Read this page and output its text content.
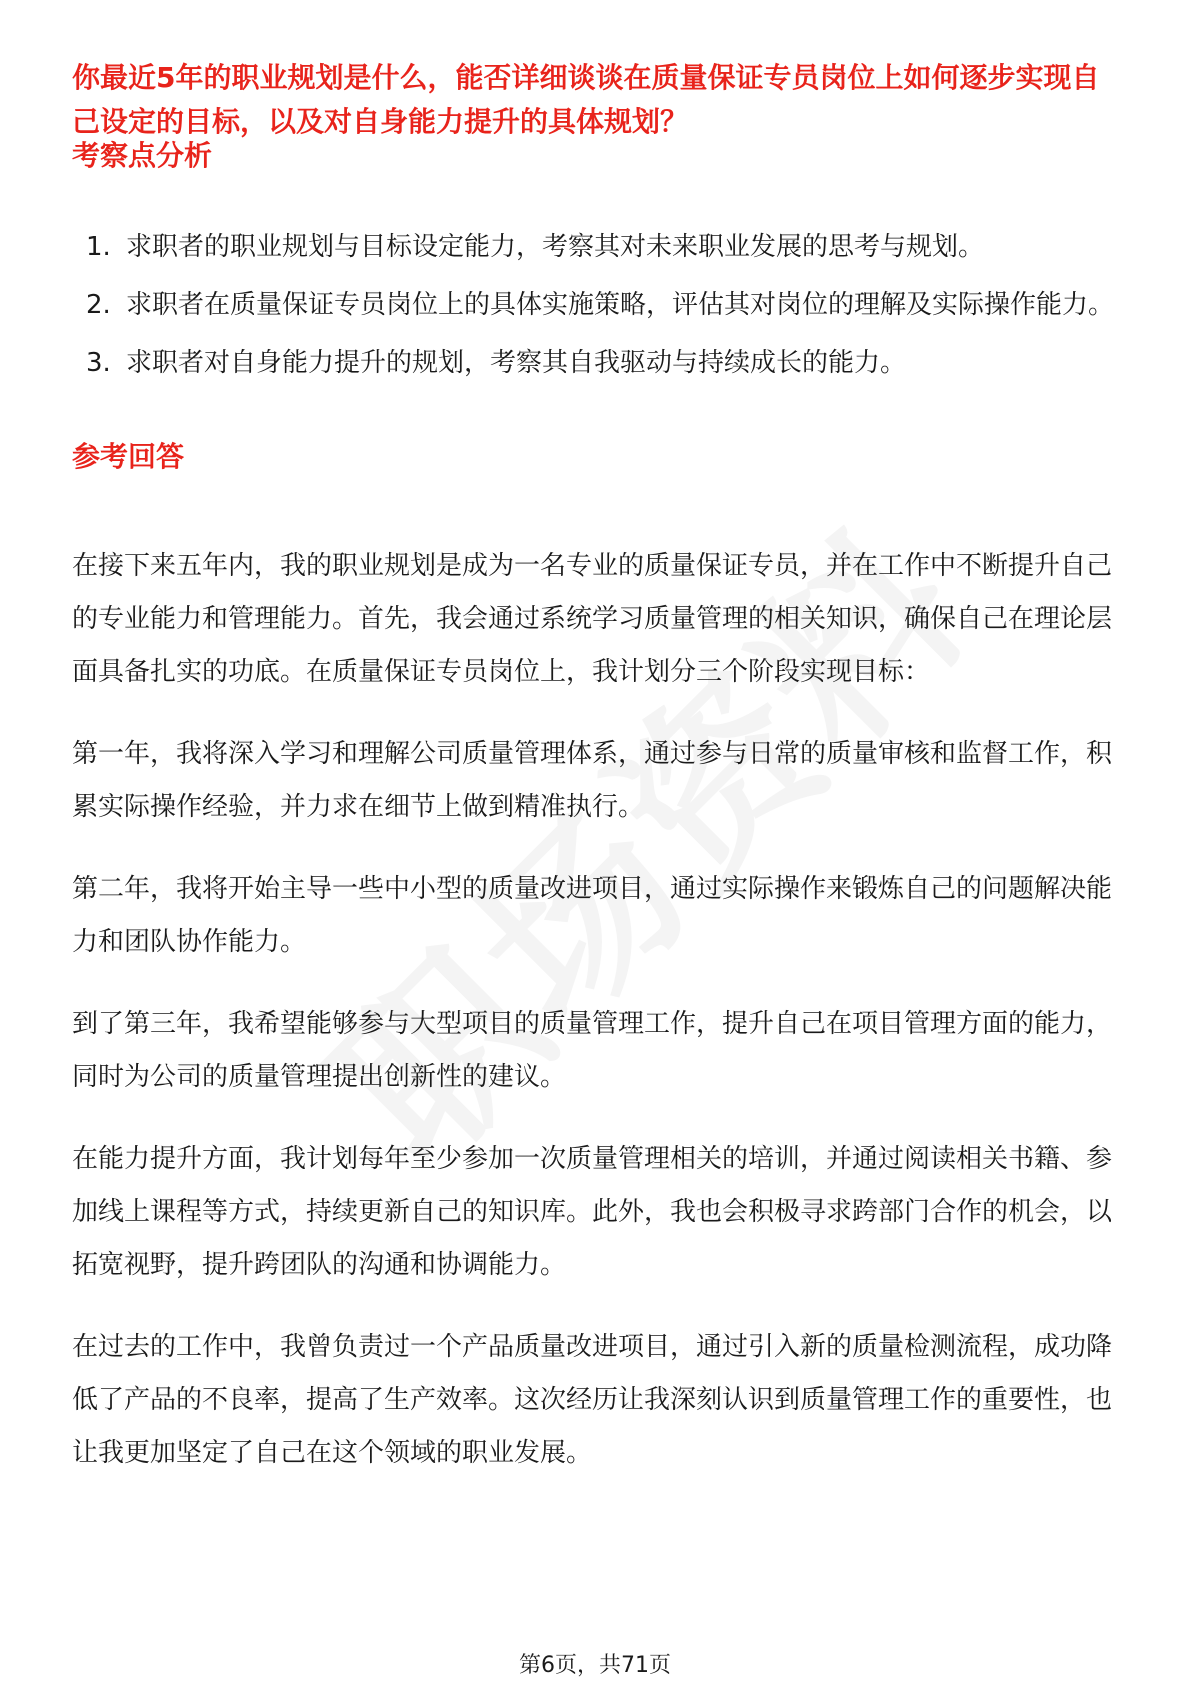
你最近5年的职业规划是什么，能否详细谈谈在质量保证专员岗位上如何逐步实现自己设定的目标，以及对自身能力提升的具体规划？
考察点分析
1. 求职者的职业规划与目标设定能力，考察其对未来职业发展的思考与规划。
2. 求职者在质量保证专员岗位上的具体实施策略，评估其对岗位的理解及实际操作能力。
3. 求职者对自身能力提升的规划，考察其自我驱动与持续成长的能力。
参考回答

在接下来五年内，我的职业规划是成为一名专业的质量保证专员，并在工作中不断提升自己的专业能力和管理能力。首先，我会通过系统学习质量管理的相关知识，确保自己在理论层面具备扎实的功底。在质量保证专员岗位上，我计划分三个阶段实现目标：

第一年，我将深入学习和理解公司质量管理体系，通过参与日常的质量审核和监督工作，积累实际操作经验，并力求在细节上做到精准执行。

第二年，我将开始主导一些中小型的质量改进项目，通过实际操作来锻炼自己的问题解决能力和团队协作能力。

到了第三年，我希望能够参与大型项目的质量管理工作，提升自己在项目管理方面的能力，同时为公司的质量管理提出创新性的建议。

在能力提升方面，我计划每年至少参加一次质量管理相关的培训，并通过阅读相关书籍、参加线上课程等方式，持续更新自己的知识库。此外，我也会积极寻求跨部门合作的机会，以拓宽视野，提升跨团队的沟通和协调能力。

在过去的工作中，我曾负责过一个产品质量改进项目，通过引入新的质量检测流程，成功降低了产品的不良率，提高了生产效率。这次经历让我深刻认识到质量管理工作的重要性，也让我更加坚定了自己在这个领域的职业发展。

第6页，共71页
